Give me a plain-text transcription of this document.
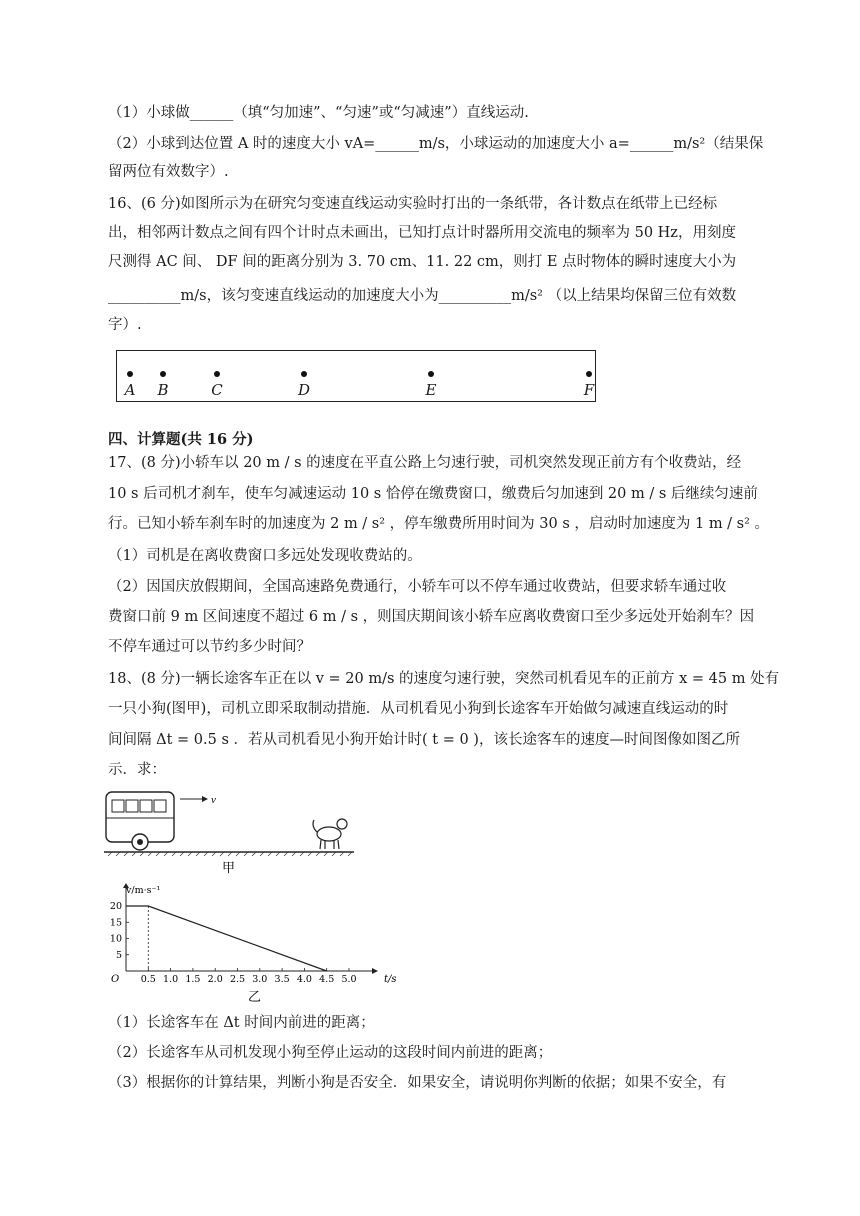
（1）小球做______（填“匀加速”、“匀速”或“匀减速”）直线运动.
（2）小球到达位置 A 时的速度大小 vA=______m/s，小球运动的加速度大小 a=______m/s²（结果保
留两位有效数字）.
16、(6 分)如图所示为在研究匀变速直线运动实验时打出的一条纸带，各计数点在纸带上已经标
出，相邻两计数点之间有四个计时点未画出，已知打点计时器所用交流电的频率为 50 Hz，用刻度
尺测得 AC 间、 DF 间的距离分别为 3. 70 cm、11. 22 cm，则打 E 点时物体的瞬时速度大小为
__________m/s，该匀变速直线运动的加速度大小为__________m/s² （以上结果均保留三位有效数
字）.
A B	C	D	E	F
四、计算题(共 16 分)
17、(8 分)小轿车以 20 m / s 的速度在平直公路上匀速行驶，司机突然发现正前方有个收费站，经
10 s 后司机才刹车，使车匀减速运动 10 s 恰停在缴费窗口，缴费后匀加速到 20 m / s 后继续匀速前
行。已知小轿车刹车时的加速度为 2 m / s² ，停车缴费所用时间为 30 s ，启动时加速度为 1 m / s² 。
（1）司机是在离收费窗口多远处发现收费站的。
（2）因国庆放假期间，全国高速路免费通行，小轿车可以不停车通过收费站，但要求轿车通过收
费窗口前 9 m 区间速度不超过 6 m / s ，则国庆期间该小轿车应离收费窗口至少多远处开始刹车？因
不停车通过可以节约多少时间？
18、(8 分)一辆长途客车正在以 v = 20 m/s 的速度匀速行驶，突然司机看见车的正前方 x = 45 m 处有
一只小狗(图甲)，司机立即采取制动措施．从司机看见小狗到长途客车开始做匀减速直线运动的时
间间隔 Δt = 0.5 s ．若从司机看见小狗开始计时( t = 0 )，该长途客车的速度—时间图像如图乙所
示．求：
v
甲
0.5 1.0 1.5 2.0 2.5 3.0 3.5 4.0 4.5 5.0
5
10
15
20
v/m·s⁻¹
t/s
O
乙
（1）长途客车在 Δt 时间内前进的距离；
（2）长途客车从司机发现小狗至停止运动的这段时间内前进的距离；
（3）根据你的计算结果，判断小狗是否安全．如果安全，请说明你判断的依据；如果不安全，有
